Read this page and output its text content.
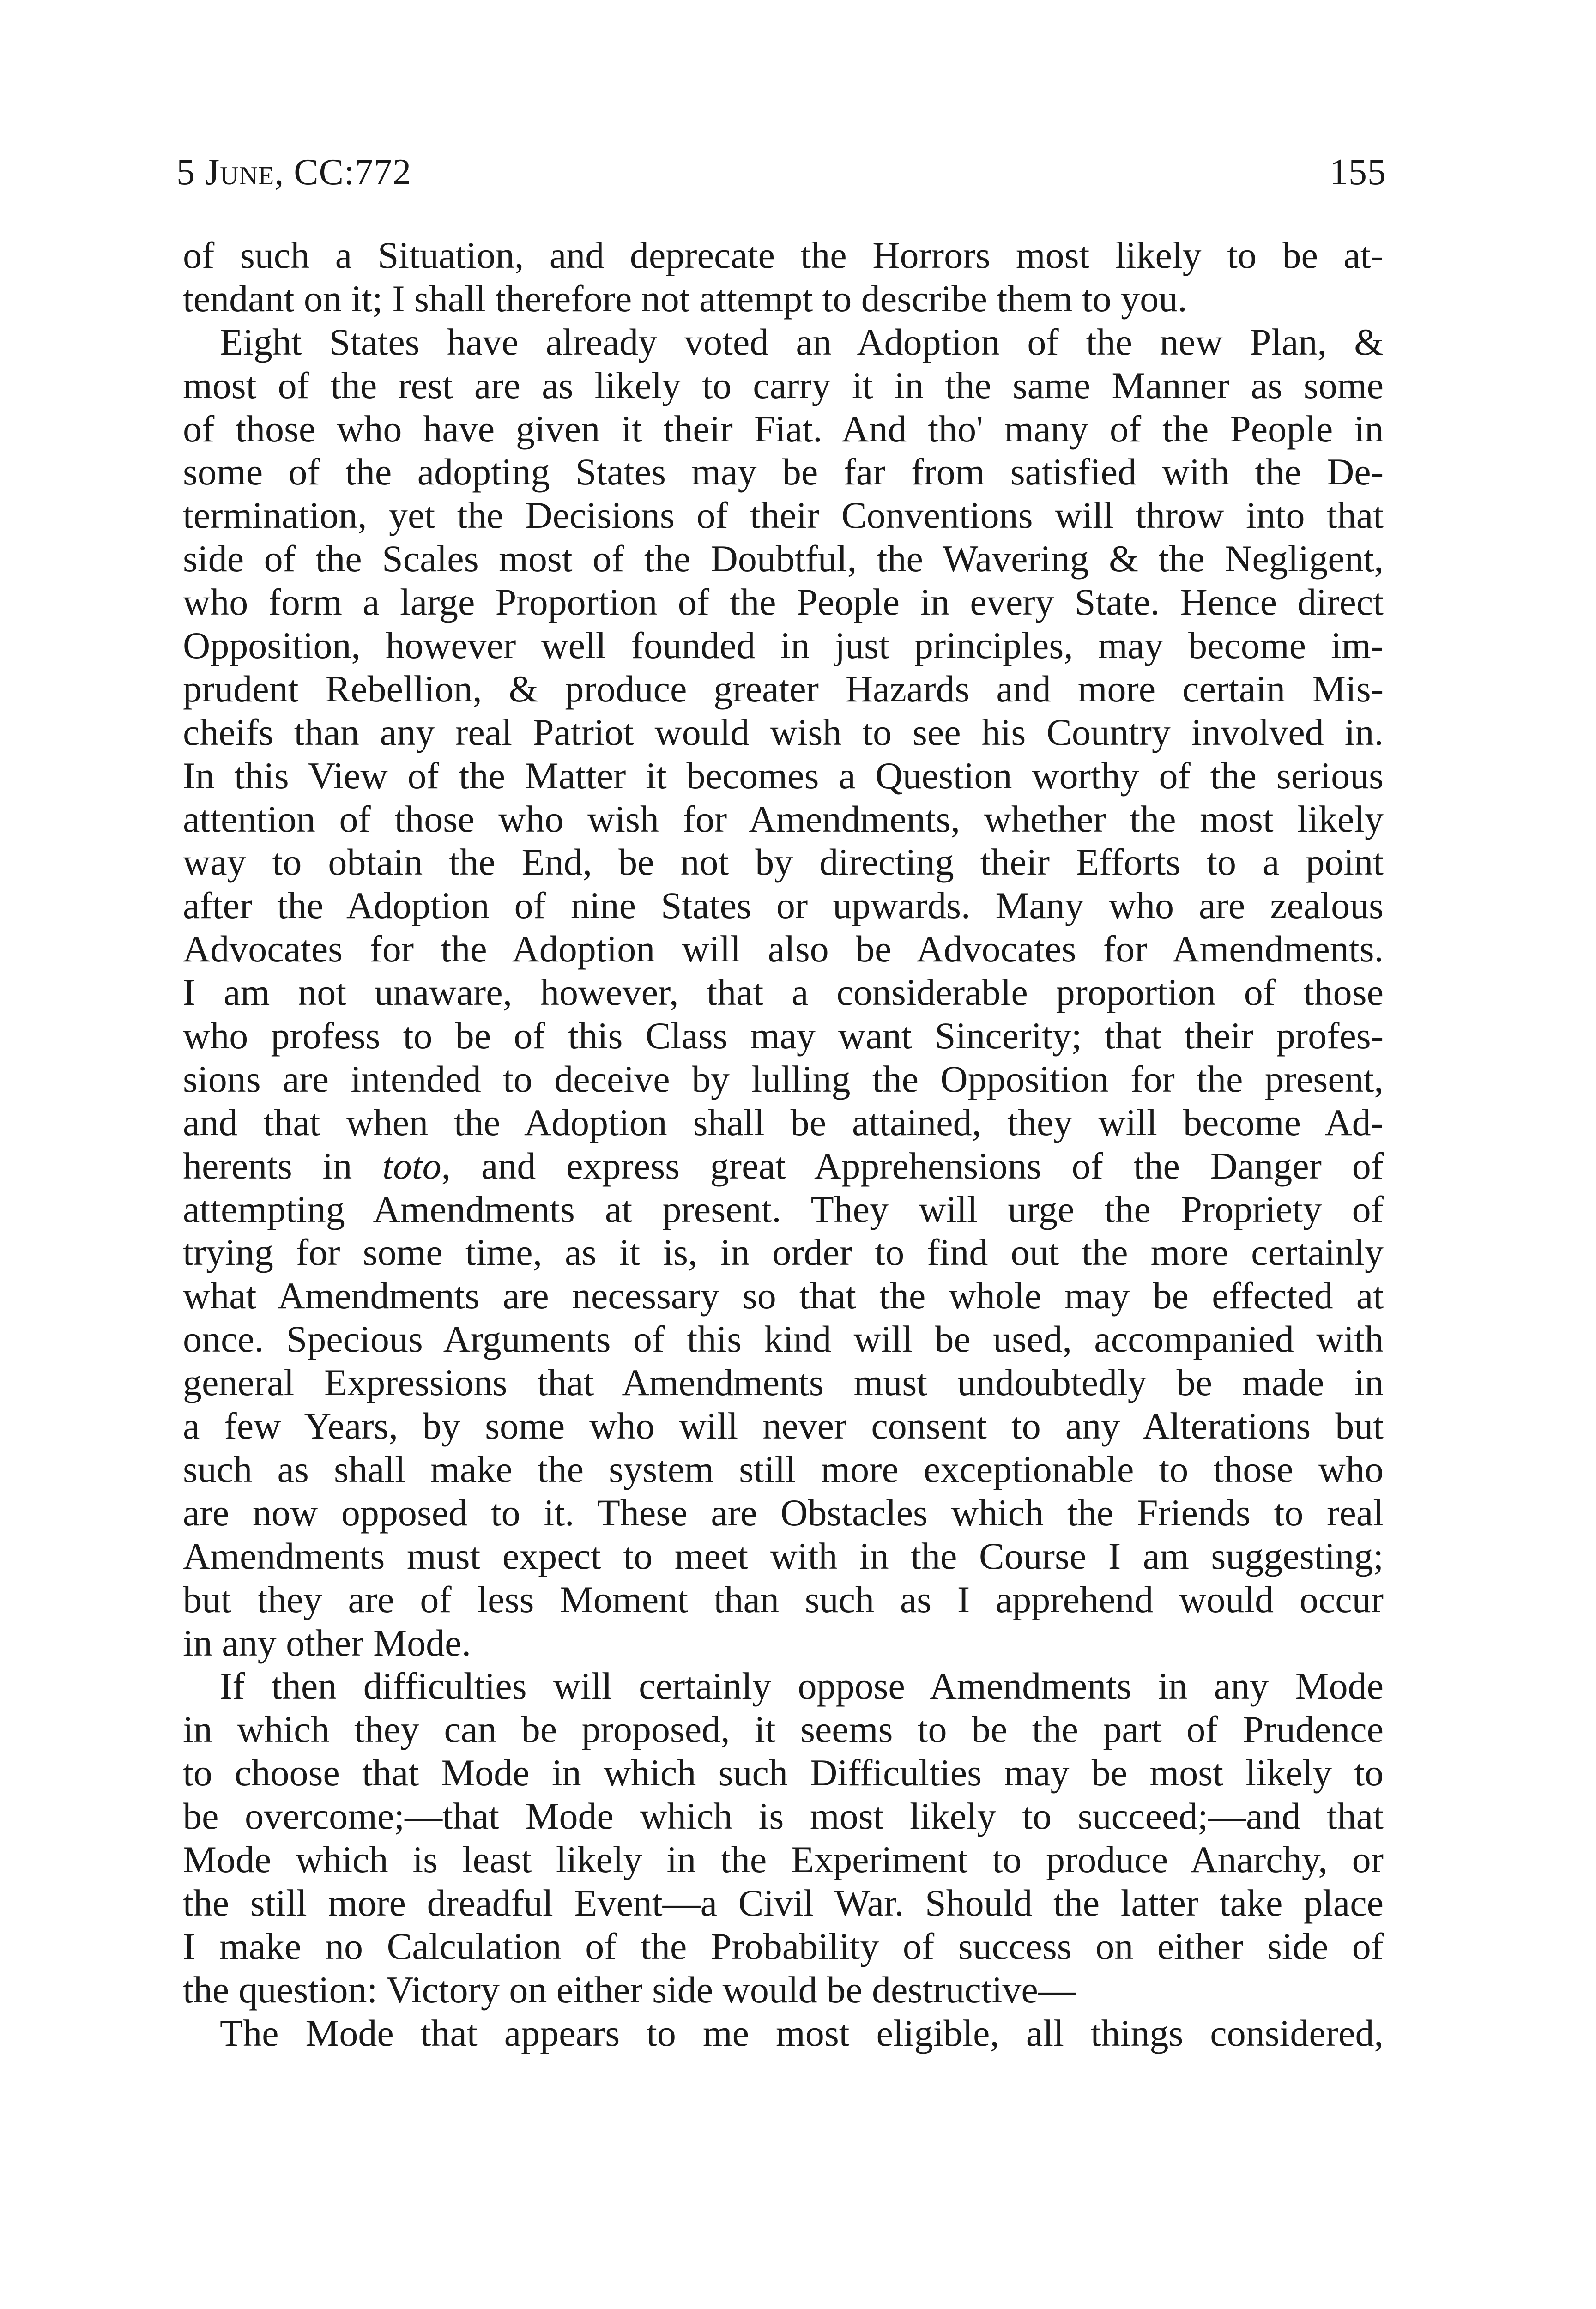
5 June, CC:772	155
of such a Situation, and deprecate the Horrors most likely to be at-
tendant on it; I shall therefore not attempt to describe them to you.
Eight States have already voted an Adoption of the new Plan, &
most of the rest are as likely to carry it in the same Manner as some
of those who have given it their Fiat. And tho' many of the People in
some of the adopting States may be far from satisfied with the De-
termination, yet the Decisions of their Conventions will throw into that
side of the Scales most of the Doubtful, the Wavering & the Negligent,
who form a large Proportion of the People in every State. Hence direct
Opposition, however well founded in just principles, may become im-
prudent Rebellion, & produce greater Hazards and more certain Mis-
cheifs than any real Patriot would wish to see his Country involved in.
In this View of the Matter it becomes a Question worthy of the serious
attention of those who wish for Amendments, whether the most likely
way to obtain the End, be not by directing their Efforts to a point
after the Adoption of nine States or upwards. Many who are zealous
Advocates for the Adoption will also be Advocates for Amendments.
I am not unaware, however, that a considerable proportion of those
who profess to be of this Class may want Sincerity; that their profes-
sions are intended to deceive by lulling the Opposition for the present,
and that when the Adoption shall be attained, they will become Ad-
herents in toto, and express great Apprehensions of the Danger of
attempting Amendments at present. They will urge the Propriety of
trying for some time, as it is, in order to find out the more certainly
what Amendments are necessary so that the whole may be effected at
once. Specious Arguments of this kind will be used, accompanied with
general Expressions that Amendments must undoubtedly be made in
a few Years, by some who will never consent to any Alterations but
such as shall make the system still more exceptionable to those who
are now opposed to it. These are Obstacles which the Friends to real
Amendments must expect to meet with in the Course I am suggesting;
but they are of less Moment than such as I apprehend would occur
in any other Mode.
If then difficulties will certainly oppose Amendments in any Mode
in which they can be proposed, it seems to be the part of Prudence
to choose that Mode in which such Difficulties may be most likely to
be overcome;—that Mode which is most likely to succeed;—and that
Mode which is least likely in the Experiment to produce Anarchy, or
the still more dreadful Event—a Civil War. Should the latter take place
I make no Calculation of the Probability of success on either side of
the question: Victory on either side would be destructive—
The Mode that appears to me most eligible, all things considered,
